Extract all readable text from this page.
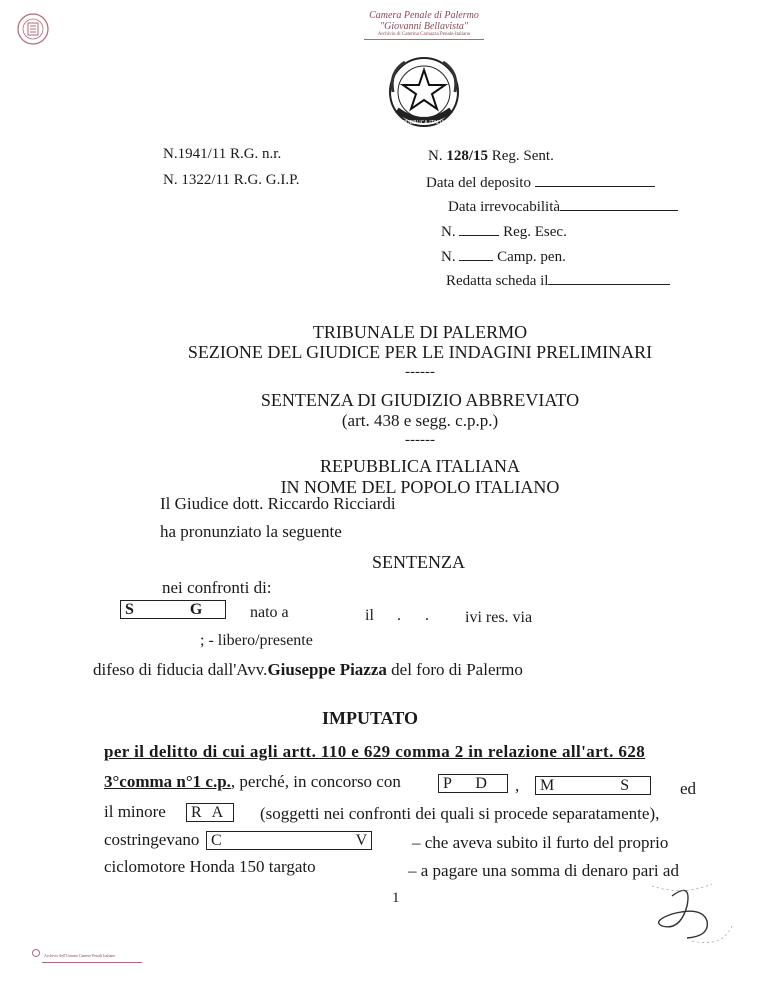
Camera Penale di Palermo
"Giovanni Bellavista"
Archivio di Caterina Carnazza Penale-Italiano
REPUBBLICA ITALIANA
N.1941/11 R.G. n.r.
N. 1322/11 R.G. G.I.P.
N. 128/15 Reg. Sent.
Data del deposito
Data irrevocabilità
N.	Reg. Esec.
N.	Camp. pen.
Redatta scheda il
TRIBUNALE DI PALERMO
SEZIONE DEL GIUDICE PER LE INDAGINI PRELIMINARI
------
SENTENZA DI GIUDIZIO ABBREVIATO
(art. 438 e segg. c.p.p.)
------
REPUBBLICA ITALIANA
IN NOME DEL POPOLO ITALIANO
Il Giudice dott. Riccardo Ricciardi
ha pronunziato la seguente
SENTENZA
nei confronti di:
S	G	nato a	il . . ivi res. via
; - libero/presente
difeso di fiducia dall'Avv.Giuseppe Piazza del foro di Palermo
IMPUTATO
per il delitto di cui agli artt. 110 e 629 comma 2 in relazione all'art. 628
3°comma n°1 c.p., perché, in concorso con	P D	,	M	S	ed
il minore	R A	(soggetti nei confronti dei quali si procede separatamente),
costringevano C	V	– che aveva subito il furto del proprio
ciclomotore Honda 150 targato	– a pagare una somma di denaro pari ad
1
Archivio dell'Unione Camere Penali Italiane
